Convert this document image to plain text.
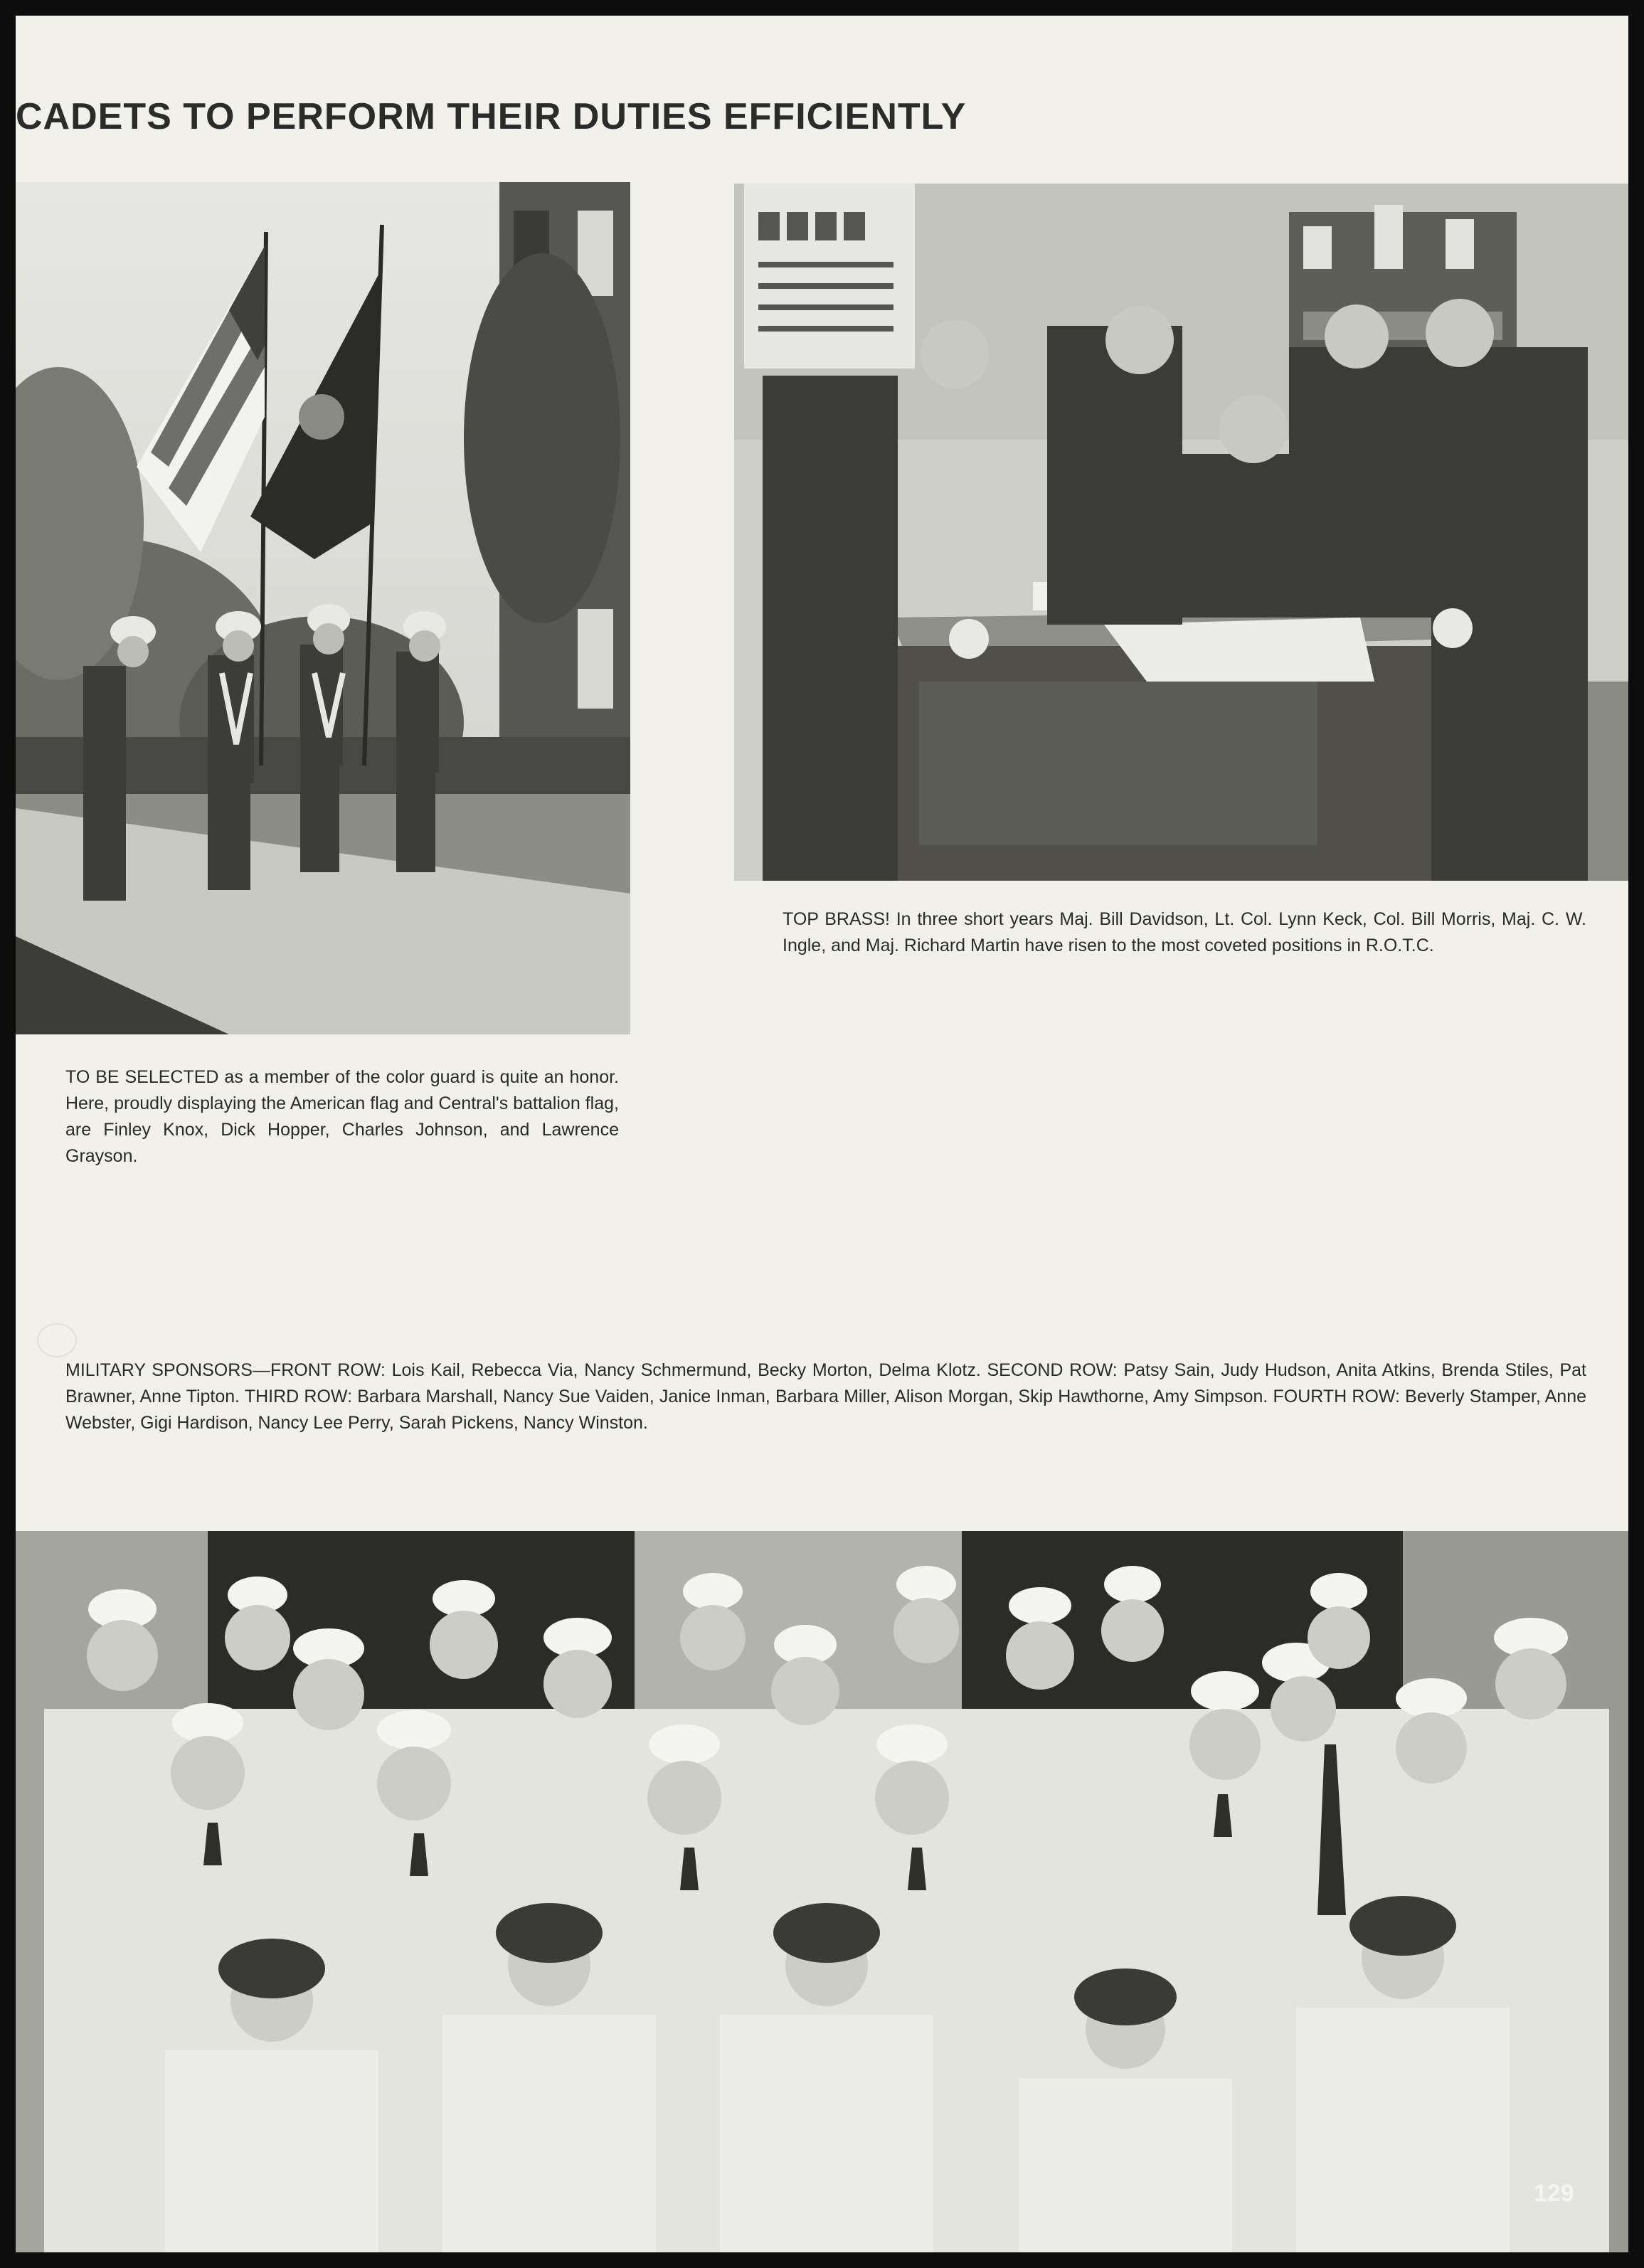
CADETS TO PERFORM THEIR DUTIES EFFICIENTLY

TOP BRASS! In three short years Maj. Bill Davidson, Lt. Col. Lynn Keck, Col. Bill Morris, Maj. C. W. Ingle, and Maj. Richard Martin have risen to the most coveted positions in R.O.T.C.

TO BE SELECTED as a member of the color guard is quite an honor. Here, proudly displaying the American flag and Central's battalion flag, are Finley Knox, Dick Hopper, Charles Johnson, and Lawrence Grayson.

MILITARY SPONSORS—FRONT ROW: Lois Kail, Rebecca Via, Nancy Schmermund, Becky Morton, Delma Klotz. SECOND ROW: Patsy Sain, Judy Hudson, Anita Atkins, Brenda Stiles, Pat Brawner, Anne Tipton. THIRD ROW: Barbara Marshall, Nancy Sue Vaiden, Janice Inman, Barbara Miller, Alison Morgan, Skip Hawthorne, Amy Simpson. FOURTH ROW: Beverly Stamper, Anne Webster, Gigi Hardison, Nancy Lee Perry, Sarah Pickens, Nancy Winston.

129
